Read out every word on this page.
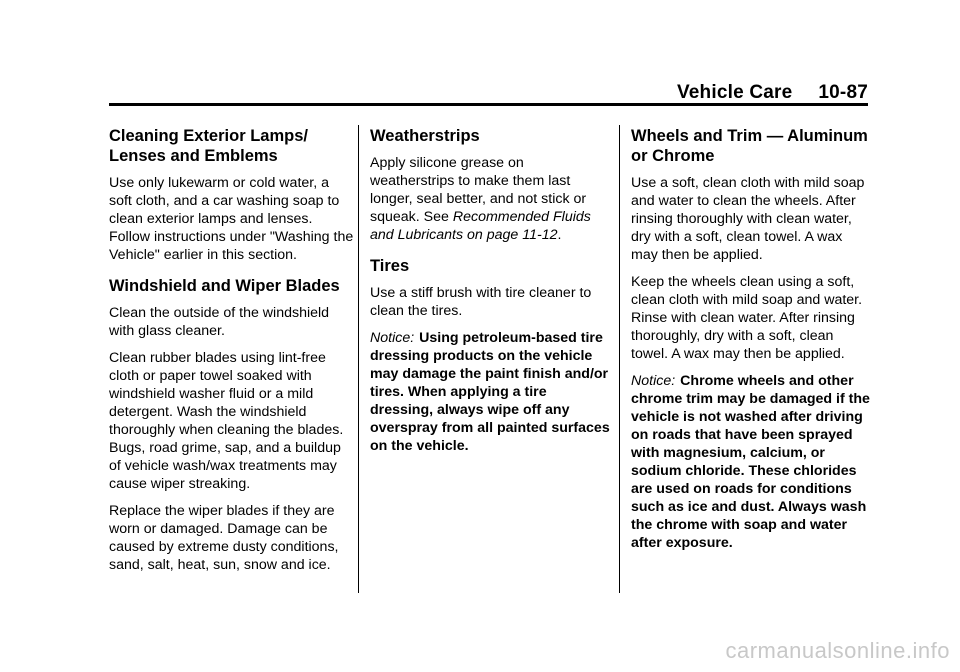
Vehicle Care 10-87
Cleaning Exterior Lamps/ Lenses and Emblems

Use only lukewarm or cold water, a soft cloth, and a car washing soap to clean exterior lamps and lenses. Follow instructions under "Washing the Vehicle" earlier in this section.

Windshield and Wiper Blades

Clean the outside of the windshield with glass cleaner.

Clean rubber blades using lint-free cloth or paper towel soaked with windshield washer fluid or a mild detergent. Wash the windshield thoroughly when cleaning the blades. Bugs, road grime, sap, and a buildup of vehicle wash/wax treatments may cause wiper streaking.

Replace the wiper blades if they are worn or damaged. Damage can be caused by extreme dusty conditions, sand, salt, heat, sun, snow and ice.

Weatherstrips

Apply silicone grease on weatherstrips to make them last longer, seal better, and not stick or squeak. See Recommended Fluids and Lubricants on page 11-12.

Tires

Use a stiff brush with tire cleaner to clean the tires.

Notice: Using petroleum-based tire dressing products on the vehicle may damage the paint finish and/or tires. When applying a tire dressing, always wipe off any overspray from all painted surfaces on the vehicle.

Wheels and Trim — Aluminum or Chrome

Use a soft, clean cloth with mild soap and water to clean the wheels. After rinsing thoroughly with clean water, dry with a soft, clean towel. A wax may then be applied.

Keep the wheels clean using a soft, clean cloth with mild soap and water. Rinse with clean water. After rinsing thoroughly, dry with a soft, clean towel. A wax may then be applied.

Notice: Chrome wheels and other chrome trim may be damaged if the vehicle is not washed after driving on roads that have been sprayed with magnesium, calcium, or sodium chloride. These chlorides are used on roads for conditions such as ice and dust. Always wash the chrome with soap and water after exposure.

carmanualsonline.info
